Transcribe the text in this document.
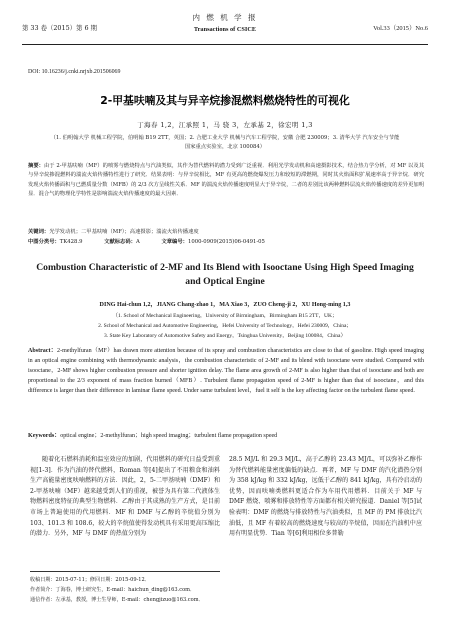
第 33 卷（2015）第 6 期
内 燃 机 学 报
Transactions of CSICE	Vol.33（2015）No.6
DOI: 10.16236/j.cnki.nrjxb.201506069
2-甲基呋喃及其与异辛烷掺混燃料燃烧特性的可视化
丁海春 1,2，江承照 1，马 骁 3，左承基 2，徐宏明 1,3
（1. 伯明翰大学 机械工程学院，伯明翰 B19 2TT，英国；2. 合肥工业大学 机械与汽车工程学院，安徽 合肥 230009；3. 清华大学 汽车安全与节能国家重点实验室，北京 100084）
摘要：由于 2-甲基呋喃（MF）的喷雾与燃烧特点与汽油类似，其作为替代燃料的潜力受到广泛重视．利用光学发动机和高速摄影技术，结合热力学分析，对 MF 以及其与异辛烷掺混燃料的湍流火焰传播特性进行了研究．结果表明：与异辛烷相比，MF 有更高的燃烧爆发压力和较短的滞燃期，同时其火焰面积扩展速率高于异辛烷．研究发现火焰传播面积与已燃质量分数（MFB）的 2/3 次方呈线性关系．MF 的湍流火焰传播速度明显大于异辛烷，二者的差别比该两种燃料层流火焰传播速度的差异更加明显．混合气的物理化学特性是影响湍流火焰传播速度的最大因素．
关键词：光学发动机；二甲基呋喃（MF）；高速摄影；湍流火焰传播速度
中图分类号：TK428.9	文献标志码：A	文章编号：1000-0909(2015)06-0491-05
Combustion Characteristic of 2-MF and Its Blend with Isooctane Using High Speed Imaging and Optical Engine
DING Hai-chun 1,2，JIANG Chang-zhao 1，MA Xiao 3，ZUO Cheng-ji 2，XU Hong-ming 1,3
（1. School of Mechanical Engineering，University of Birmingham，Birmingham B15 2TT，UK；
2. School of Mechanical and Automotive Engineering，Hefei University of Technology，Hefei 230009，China；
3. State Key Laboratory of Automotive Safety and Energy，Tsinghua University，Beijing 100084，China）
Abstract：2-methylfuran（MF）has drawn more attention because of its spray and combustion characteristics are close to that of gasoline. High speed imaging in an optical engine combining with thermodynamic analysis，the combustion characteristic of 2-MF and its blend with isooctane were studied. Compared with isooctane，2-MF shows higher combustion pressure and shorter ignition delay. The flame area growth of 2-MF is also higher than that of isooctane and both are proportional to the 2/3 exponent of mass fraction burned（MFB）. Turbulent flame propagation speed of 2-MF is higher than that of isooctane，and this difference is larger than their difference in laminar flame speed. Under same turbulent level，fuel it self is the key affecting factor on the turbulent flame speed.
Keywords：optical engine；2-methylfuran；high speed imaging；turbulent flame propagation speed

随着化石燃料消耗和温室效应的加剧，代用燃料的研究日益受到重视[1-3]．作为汽油的替代燃料，Roman 等[4]提出了不用粮食和油料生产高能量密度呋喃燃料的方法．因此，2，5-二甲基呋喃（DMF）和 2-甲基呋喃（MF）越来越受到人们的重视，被誉为具有第二代液体生物燃料密度特征的典型生物燃料．乙醇由于其成熟的生产方式，是目前市场上普遍使用的代用燃料．MF 和 DMF 与乙醇的辛烷值分别为 103、101.3 和 108.6，较大的辛烷值使得发动机具有采用更高压缩比的潜力．另外，MF 与 DMF 的热值分别为

28.5 MJ/L 和 29.3 MJ/L，高于乙醇的 23.43 MJ/L，可以弥补乙醇作为替代燃料能量密度偏低的缺点．再者，MF 与 DMF 的汽化潜热分别为 358 kJ/kg 和 332 kJ/kg，远低于乙醇的 841 kJ/kg，具有冷启动的优势，因而呋喃类燃料更适合作为车用代用燃料．目前关于 MF 与 DMF 燃烧、喷雾和排放特性等方面都有相关研究报道．Daniel 等[5]试验表明：DMF 的燃烧与排放特性与汽油类似，且 MF 的 PM 排放比汽油低，且 MF 有着较高的燃烧速度与较高的辛烷值，因而在汽油机中应用有明显优势．Tian 等[6]利用相位多普勒

收稿日期：2015-07-11；修回日期：2015-09-12．
作者简介：丁海春，博士研究生，E-mail：haichun_ding@163.com．
通信作者：左承基，教授，博士生导师，E-mail：chengjizuo@163.com．
